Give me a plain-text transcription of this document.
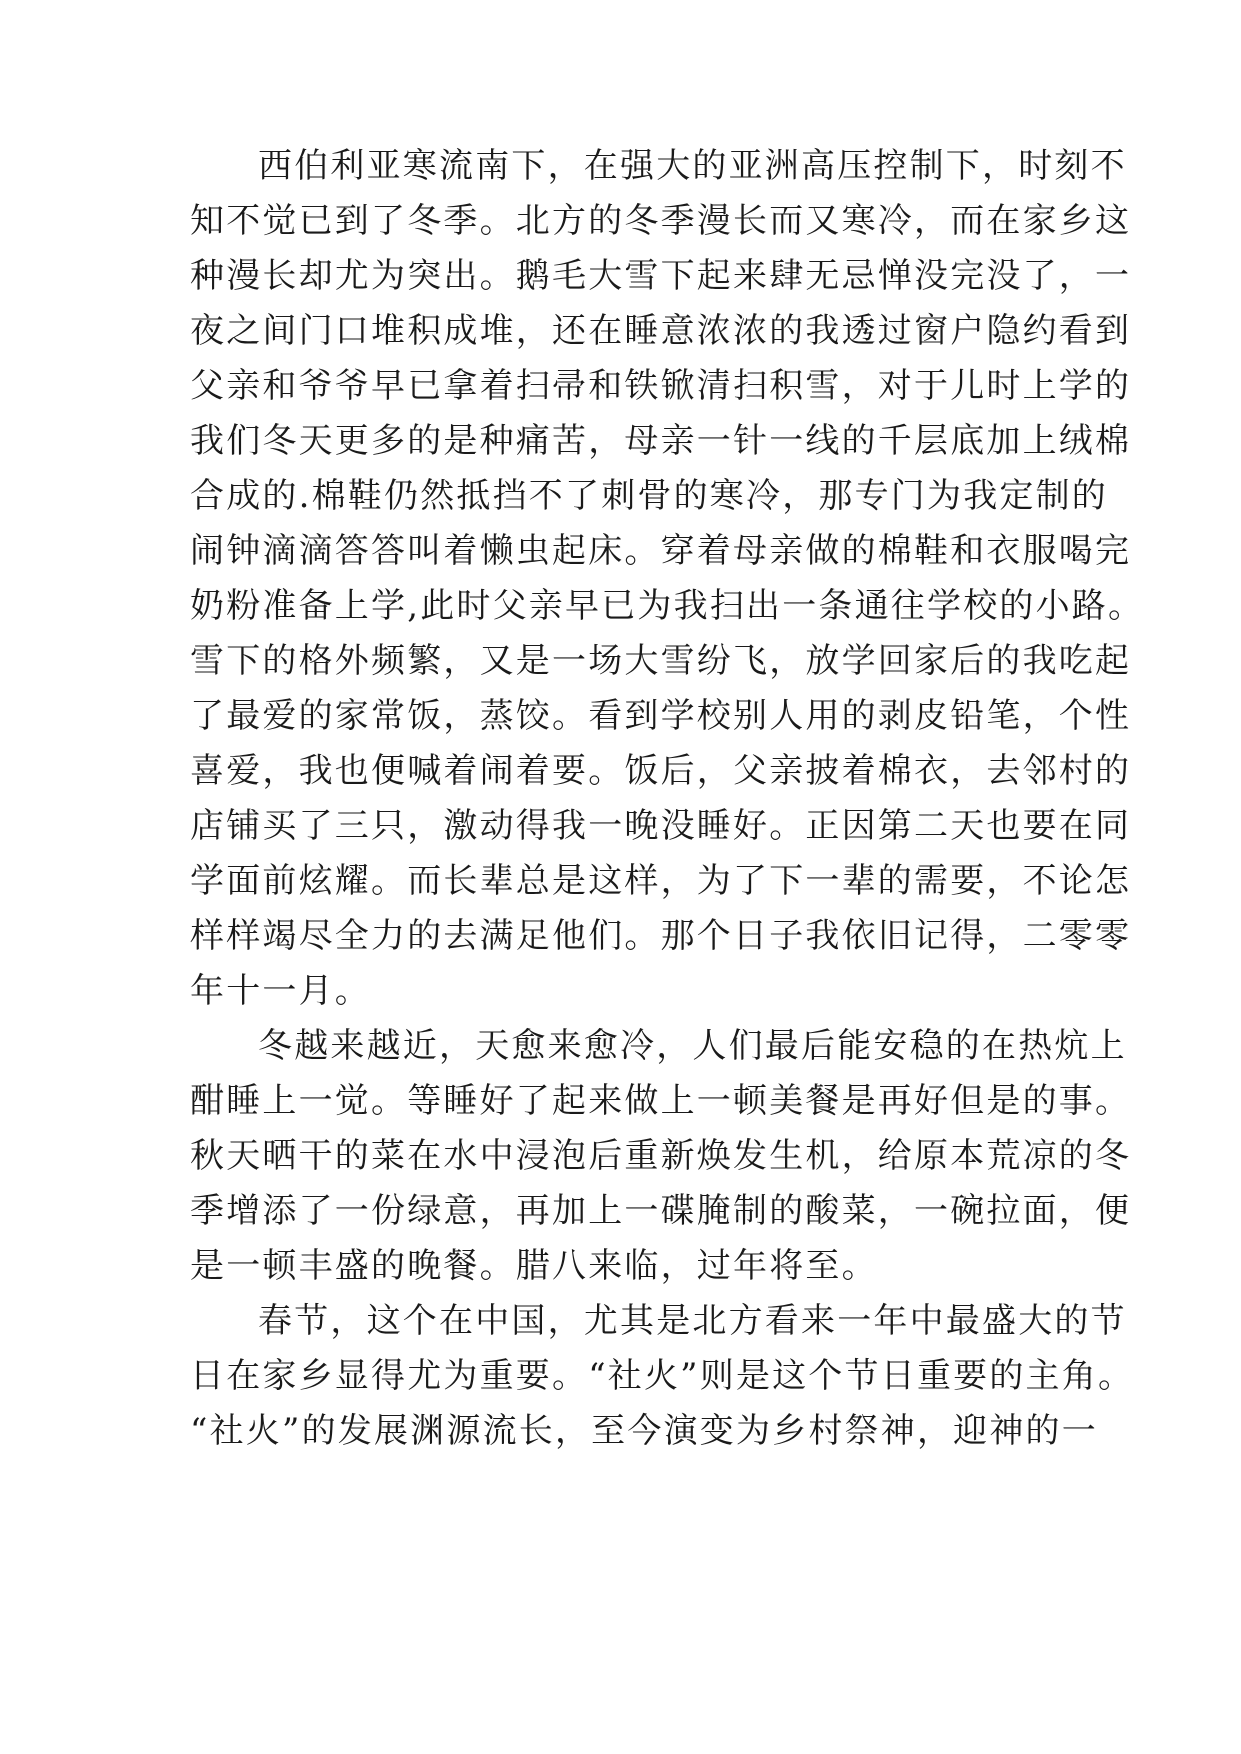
西伯利亚寒流南下，在强大的亚洲高压控制下，时刻不
知不觉已到了冬季。北方的冬季漫长而又寒冷，而在家乡这
种漫长却尤为突出。鹅毛大雪下起来肆无忌惮没完没了，一
夜之间门口堆积成堆，还在睡意浓浓的我透过窗户隐约看到
父亲和爷爷早已拿着扫帚和铁锨清扫积雪，对于儿时上学的
我们冬天更多的是种痛苦，母亲一针一线的千层底加上绒棉
合成的.棉鞋仍然抵挡不了刺骨的寒冷，那专门为我定制的
闹钟滴滴答答叫着懒虫起床。穿着母亲做的棉鞋和衣服喝完
奶粉准备上学,此时父亲早已为我扫出一条通往学校的小路。
雪下的格外频繁，又是一场大雪纷飞，放学回家后的我吃起
了最爱的家常饭，蒸饺。看到学校别人用的剥皮铅笔，个性
喜爱，我也便喊着闹着要。饭后，父亲披着棉衣，去邻村的
店铺买了三只，激动得我一晚没睡好。正因第二天也要在同
学面前炫耀。而长辈总是这样，为了下一辈的需要，不论怎
样样竭尽全力的去满足他们。那个日子我依旧记得，二零零
年十一月。
冬越来越近，天愈来愈冷，人们最后能安稳的在热炕上
酣睡上一觉。等睡好了起来做上一顿美餐是再好但是的事。
秋天晒干的菜在水中浸泡后重新焕发生机，给原本荒凉的冬
季增添了一份绿意，再加上一碟腌制的酸菜，一碗拉面，便
是一顿丰盛的晚餐。腊八来临，过年将至。
春节，这个在中国，尤其是北方看来一年中最盛大的节
日在家乡显得尤为重要。“社火”则是这个节日重要的主角。
“社火”的发展渊源流长，至今演变为乡村祭神，迎神的一
